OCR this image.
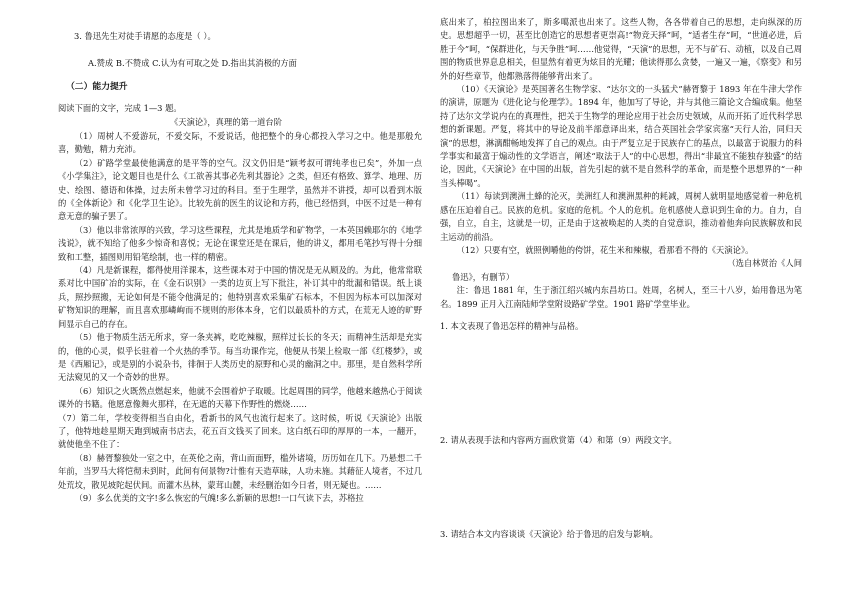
3. 鲁迅先生对徒手请愿的态度是（ ）。

A.赞成 B.不赞成 C.认为有可取之处 D.指出其消极的方面

（二）能力提升

阅读下面的文字，完成 1—3 题。

《天演论》，真理的第一道台阶

（1）周树人不爱游玩，不爱交际，不爱说话，他把整个的身心都投入学习之中。他是那般允喜，勤勉，精力充沛。

（2）矿路学堂最使他满意的是平等的空气。汉文仍旧是“颖考叔可谓纯孝也已矣”，外加一点《小学集注》，论文题目也是什么《工欲善其事必先利其器论》之类，但还有格致、算学、地理、历史、绘图、德语和体操，过去所未曾学习过的科目。至于生理学，虽然并不讲授，却可以看到木版的《全体新论》和《化学卫生论》。比较先前的医生的议论和方药，他已经悟到，中医不过是一种有意无意的骗子罢了。

（3）他以非常浓厚的兴致，学习这些课程，尤其是地质学和矿物学，一本英国赖耶尔的《地学浅说》，就不知给了他多少惊奇和喜悦；无论在课堂还是在课后，他的讲义，都用毛笔抄写得十分细致和工整，插图则用铅笔绘制，也一样的精密。

（4）凡是新课程，都得使用洋课本，这些课本对于中国的情况是无从顾及的。为此，他常常联系对比中国矿冶的实际，在《金石识别》一类的边页上写下批注，补订其中的纰漏和错误。纸上谈兵，照抄照搬，无论如何是不能令他满足的；他特别喜欢采集矿石标本，不但因为标本可以加深对矿物知识的理解，而且喜欢那嶙峋而不规则的形体本身，它们以最质朴的方式，在荒无人迹的旷野间显示自己的存在。

（5）他于物质生活无所求，穿一条夹裤，吃吃辣椒，照样过长长的冬天；而精神生活却是充实的，他的心灵，似乎长驻着一个火热的季节。每当功课作完，他便从书架上检取一部《红楼梦》，或是《西厢记》，或是别的小说杂书，徘徊于人类历史的原野和心灵的幽洞之中。那里，是自然科学所无法窥见的又一个奇妙的世界。

（6）知识之火既然点燃起来，他就不会围着炉子取暖。比起周围的同学，他越来越热心于阅读课外的书籍。他愿意像舞火那样，在无遮的天幕下作野性的燃烧……

（7）第二年，学校变得相当自由化，看新书的风气也流行起来了。这时候，听说《天演论》出版了，他特地趁星期天跑到城南书店去，花五百文钱买了回来。这白纸石印的厚厚的一本，一翻开，就使他坐不住了：

（8）赫胥黎独处一室之中，在英伦之南，背山而面野，槛外诸境，历历如在几下。乃悬想二千年前，当罗马大将恺彻未到时，此间有何景物?计惟有天造草昧，人功未施。其藉征人境者，不过几处荒坟，散见坡陀起伏间。而灌木丛林，蒙茸山麓，未经删治如今日者，则无疑也。……

（9）多么优美的文字!多么恢宏的气魄!多么新颖的思想!一口气读下去，苏格拉

底出来了，柏拉图出来了，斯多噶派也出来了。这些人物，各各带着自己的思想，走向纵深的历史。思想超乎一切，甚至比创造它的思想者更崇高!“物竞天择”呵，“适者生存”呵，“世道必进，后胜于今”呵，“保群进化，与天争胜”呵……他觉得，“天演”的思想，无不与矿石、动植，以及自己周围的物质世界息息相关，但显然有着更为炫目的光耀；他读得那么贪婪，一遍又一遍，《察变》和另外的好些章节，他都熟落得能够背出来了。

（10）《天演论》是英国著名生物学家、“达尔文的一头猛犬”赫胥黎于 1893 年在牛津大学作的演讲，原题为《进化论与伦理学》。1894 年，他加写了导论，并与其他三篇论文合编成集。他坚持了达尔文学说内在的真理性，把关于生物学的理论应用于社会历史领域，从而开拓了近代科学思想的新课题。严复，将其中的导论及前半部意译出来，结合英国社会学家宾塞“天行人治，同归天演”的思想，淋漓酣畅地发挥了自己的观点。由于严复立足于民族存亡的基点，以最富于说服力的科学事实和最富于煽动性的文学语言，阐述“取法于人”的中心思想，得出“非最宜不能独存独盛”的结论，因此，《天演论》在中国的出版，首先引起的就不是自然科学的革命，而是整个思想界的“一种当头棒喝”。

（11）每读到澳洲土蜂的沦灭，美洲红人和澳洲黑种的耗减，周树人就明显地感觉着一种危机感在压迫着自己。民族的危机。家庭的危机。个人的危机。危机感使人意识到生命的力。自力，自强，自立，自主，这就是一切，正是由于这被唤起的人类的自觉意识，推动着他奔向民族解放和民主运动的前沿。

（12）只要有空，就照例嚼他的侉饼，花生米和辣椒，看那看不得的《天演论》。

（选自林贤治《人间

鲁迅》，有删节）

注：鲁迅 1881 年，生于浙江绍兴城内东昌坊口。姓周，名树人，至三十八岁，始用鲁迅为笔名。1899 正月入江南陆师学堂附设路矿学堂。1901 路矿学堂毕业。

1. 本文表现了鲁迅怎样的精神与品格。

2. 请从表现手法和内容两方面欣赏第（4）和第（9）两段文字。

3. 请结合本文内容谈谈《天演论》给于鲁迅的启发与影响。
